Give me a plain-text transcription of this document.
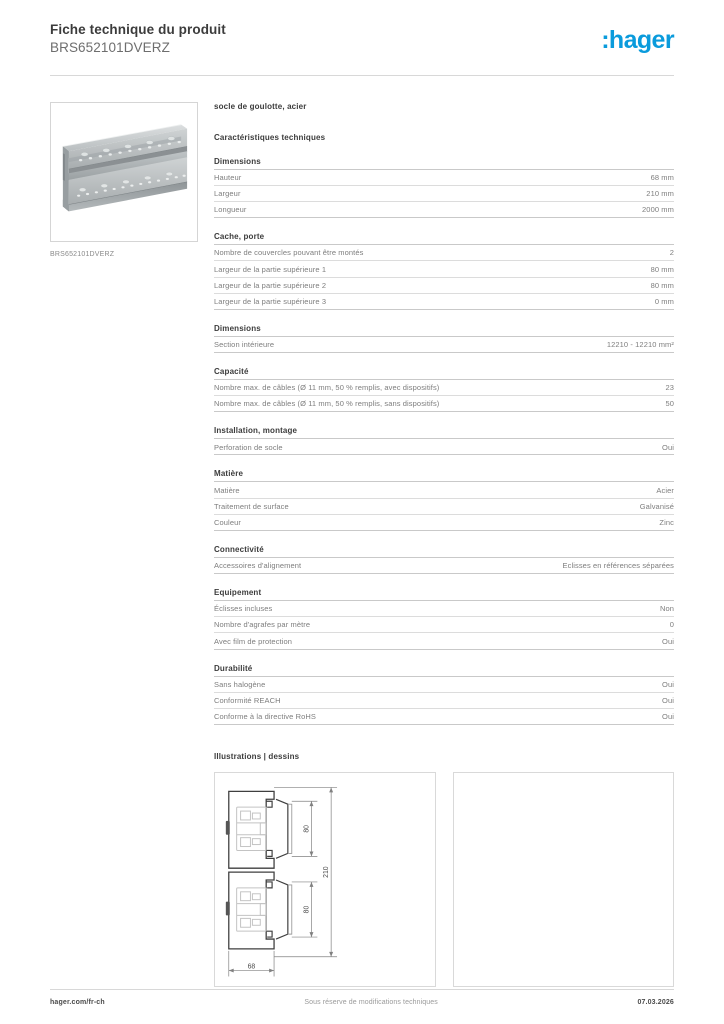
Fiche technique du produit
BRS652101DVERZ	:hager
BRS652101DVERZ
socle de goulotte, acier
Caractéristiques techniques
Dimensions
Hauteur	68 mm
Largeur	210 mm
Longueur	2000 mm
Cache, porte
Nombre de couvercles pouvant être montés	2
Largeur de la partie supérieure 1	80 mm
Largeur de la partie supérieure 2	80 mm
Largeur de la partie supérieure 3	0 mm
Dimensions
Section intérieure	12210 - 12210 mm²
Capacité
Nombre max. de câbles (Ø 11 mm, 50 % remplis, avec dispositifs)	23
Nombre max. de câbles (Ø 11 mm, 50 % remplis, sans dispositifs)	50
Installation, montage
Perforation de socle	Oui
Matière
Matière	Acier
Traitement de surface	Galvanisé
Couleur	Zinc
Connectivité
Accessoires d'alignement	Eclisses en références séparées
Equipement
Éclisses incluses	Non
Nombre d'agrafes par mètre	0
Avec film de protection	Oui
Durabilité
Sans halogène	Oui
Conformité REACH	Oui
Conforme à la directive RoHS	Oui
Illustrations | dessins
80
80
210
68
hager.com/fr-ch	Sous réserve de modifications techniques	07.03.2026
